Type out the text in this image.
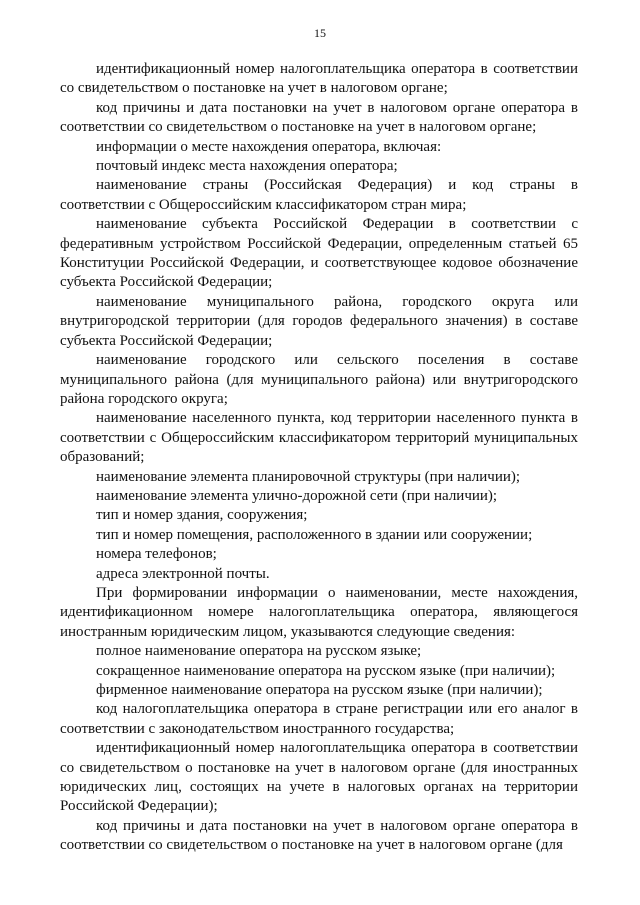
15

идентификационный номер налогоплательщика оператора в соответствии со свидетельством о постановке на учет в налоговом органе;

код причины и дата постановки на учет в налоговом органе оператора в соответствии со свидетельством о постановке на учет в налоговом органе;

информации о месте нахождения оператора, включая:

почтовый индекс места нахождения оператора;

наименование страны (Российская Федерация) и код страны в соответствии с Общероссийским классификатором стран мира;

наименование субъекта Российской Федерации в соответствии с федеративным устройством Российской Федерации, определенным статьей 65 Конституции Российской Федерации, и соответствующее кодовое обозначение субъекта Российской Федерации;

наименование муниципального района, городского округа или внутригородской территории (для городов федерального значения) в составе субъекта Российской Федерации;

наименование городского или сельского поселения в составе муниципального района (для муниципального района) или внутригородского района городского округа;

наименование населенного пункта, код территории населенного пункта в соответствии с Общероссийским классификатором территорий муниципальных образований;

наименование элемента планировочной структуры (при наличии);

наименование элемента улично-дорожной сети (при наличии);

тип и номер здания, сооружения;

тип и номер помещения, расположенного в здании или сооружении;

номера телефонов;

адреса электронной почты.

При формировании информации о наименовании, месте нахождения, идентификационном номере налогоплательщика оператора, являющегося иностранным юридическим лицом, указываются следующие сведения:

полное наименование оператора на русском языке;

сокращенное наименование оператора на русском языке (при наличии);

фирменное наименование оператора на русском языке (при наличии);

код налогоплательщика оператора в стране регистрации или его аналог в соответствии с законодательством иностранного государства;

идентификационный номер налогоплательщика оператора в соответствии со свидетельством о постановке на учет в налоговом органе (для иностранных юридических лиц, состоящих на учете в налоговых органах на территории Российской Федерации);

код причины и дата постановки на учет в налоговом органе оператора в соответствии со свидетельством о постановке на учет в налоговом органе (для
